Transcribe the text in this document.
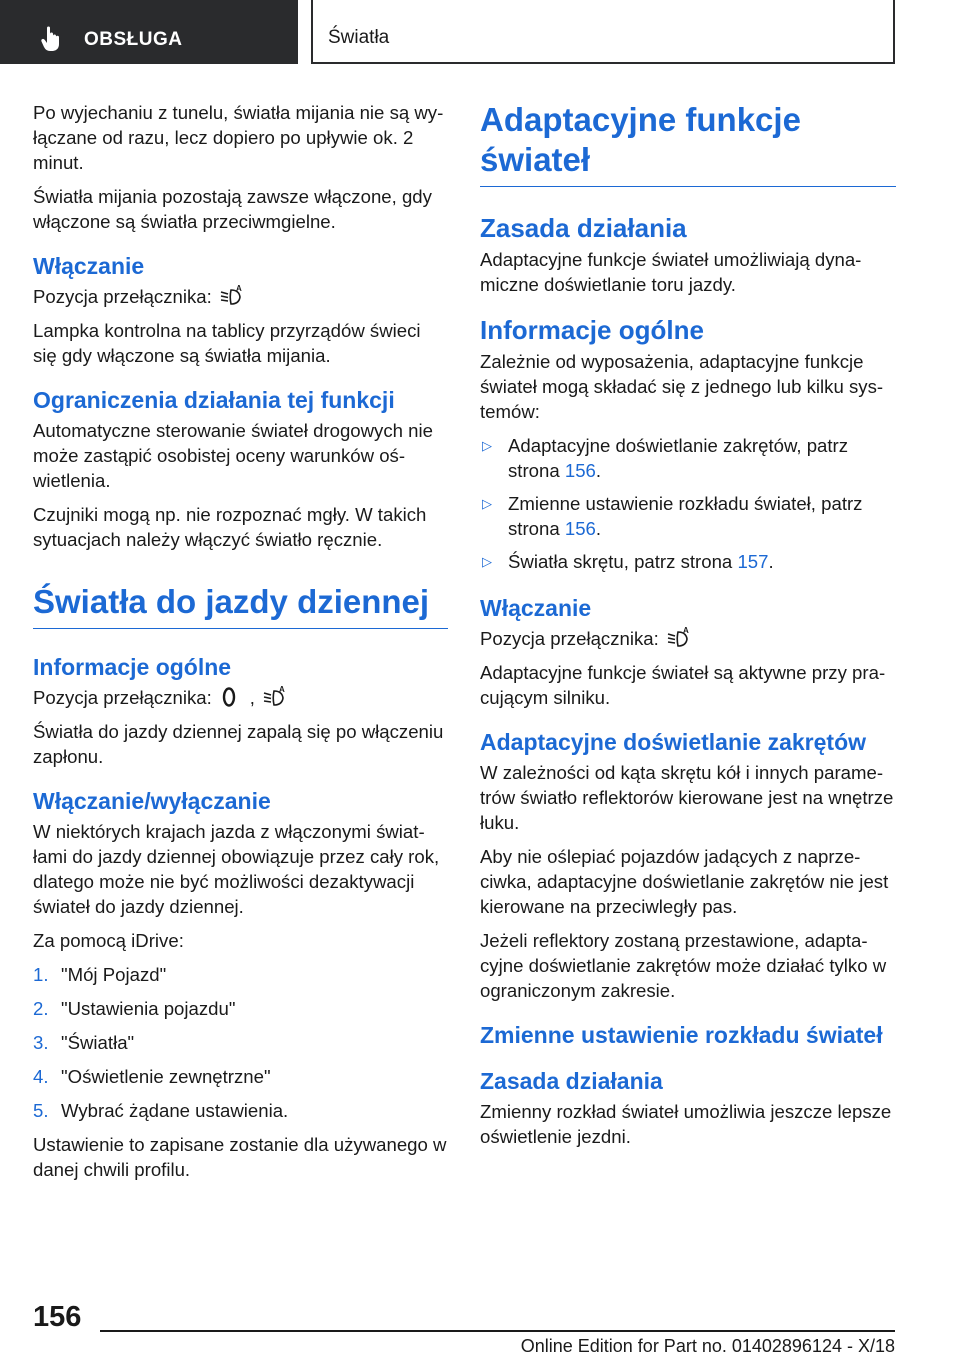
OBSŁUGA	Światła

Po wyjechaniu z tunelu, światła mijania nie są wyłączane od razu, lecz dopiero po upływie ok. 2 minut.

Światła mijania pozostają zawsze włączone, gdy włączone są światła przeciwmgielne.

Włączanie

Pozycja przełącznika:	A

Lampka kontrolna na tablicy przyrządów świeci się gdy włączone są światła mijania.

Ograniczenia działania tej funkcji

Automatyczne sterowanie świateł drogowych nie może zastąpić osobistej oceny warunków oświetlenia.

Czujniki mogą np. nie rozpoznać mgły. W takich sytuacjach należy włączyć światło ręcznie.

Światła do jazdy dziennej
Informacje ogólne

Pozycja przełącznika: ,	A

Światła do jazdy dziennej zapalą się po włączeniu zapłonu.

Włączanie/wyłączanie

W niektórych krajach jazda z włączonymi światłami do jazdy dziennej obowiązuje przez cały rok, dlatego może nie być możliwości dezaktywacji świateł do jazdy dziennej.

Za pomocą iDrive:

1. "Mój Pojazd"
2. "Ustawienia pojazdu"
3. "Światła"
4. "Oświetlenie zewnętrzne"
5. Wybrać żądane ustawienia.

Ustawienie to zapisane zostanie dla używanego w danej chwili profilu.

Adaptacyjne funkcje świateł
Zasada działania

Adaptacyjne funkcje świateł umożliwiają dynamiczne doświetlanie toru jazdy.

Informacje ogólne

Zależnie od wyposażenia, adaptacyjne funkcje świateł mogą składać się z jednego lub kilku systemów:

▷ Adaptacyjne doświetlanie zakrętów, patrz strona 156.
▷ Zmienne ustawienie rozkładu świateł, patrz strona 156.
▷ Światła skrętu, patrz strona 157.
Włączanie

Pozycja przełącznika:	A

Adaptacyjne funkcje świateł są aktywne przy pracującym silniku.

Adaptacyjne doświetlanie zakrętów

W zależności od kąta skrętu kół i innych parametrów światło reflektorów kierowane jest na wnętrze łuku.

Aby nie oślepiać pojazdów jadących z naprzeciwka, adaptacyjne doświetlanie zakrętów nie jest kierowane na przeciwległy pas.

Jeżeli reflektory zostaną przestawione, adaptacyjne doświetlanie zakrętów może działać tylko w ograniczonym zakresie.

Zmienne ustawienie rozkładu świateł
Zasada działania

Zmienny rozkład świateł umożliwia jeszcze lepsze oświetlenie jezdni.

156
Online Edition for Part no. 01402896124 - X/18
